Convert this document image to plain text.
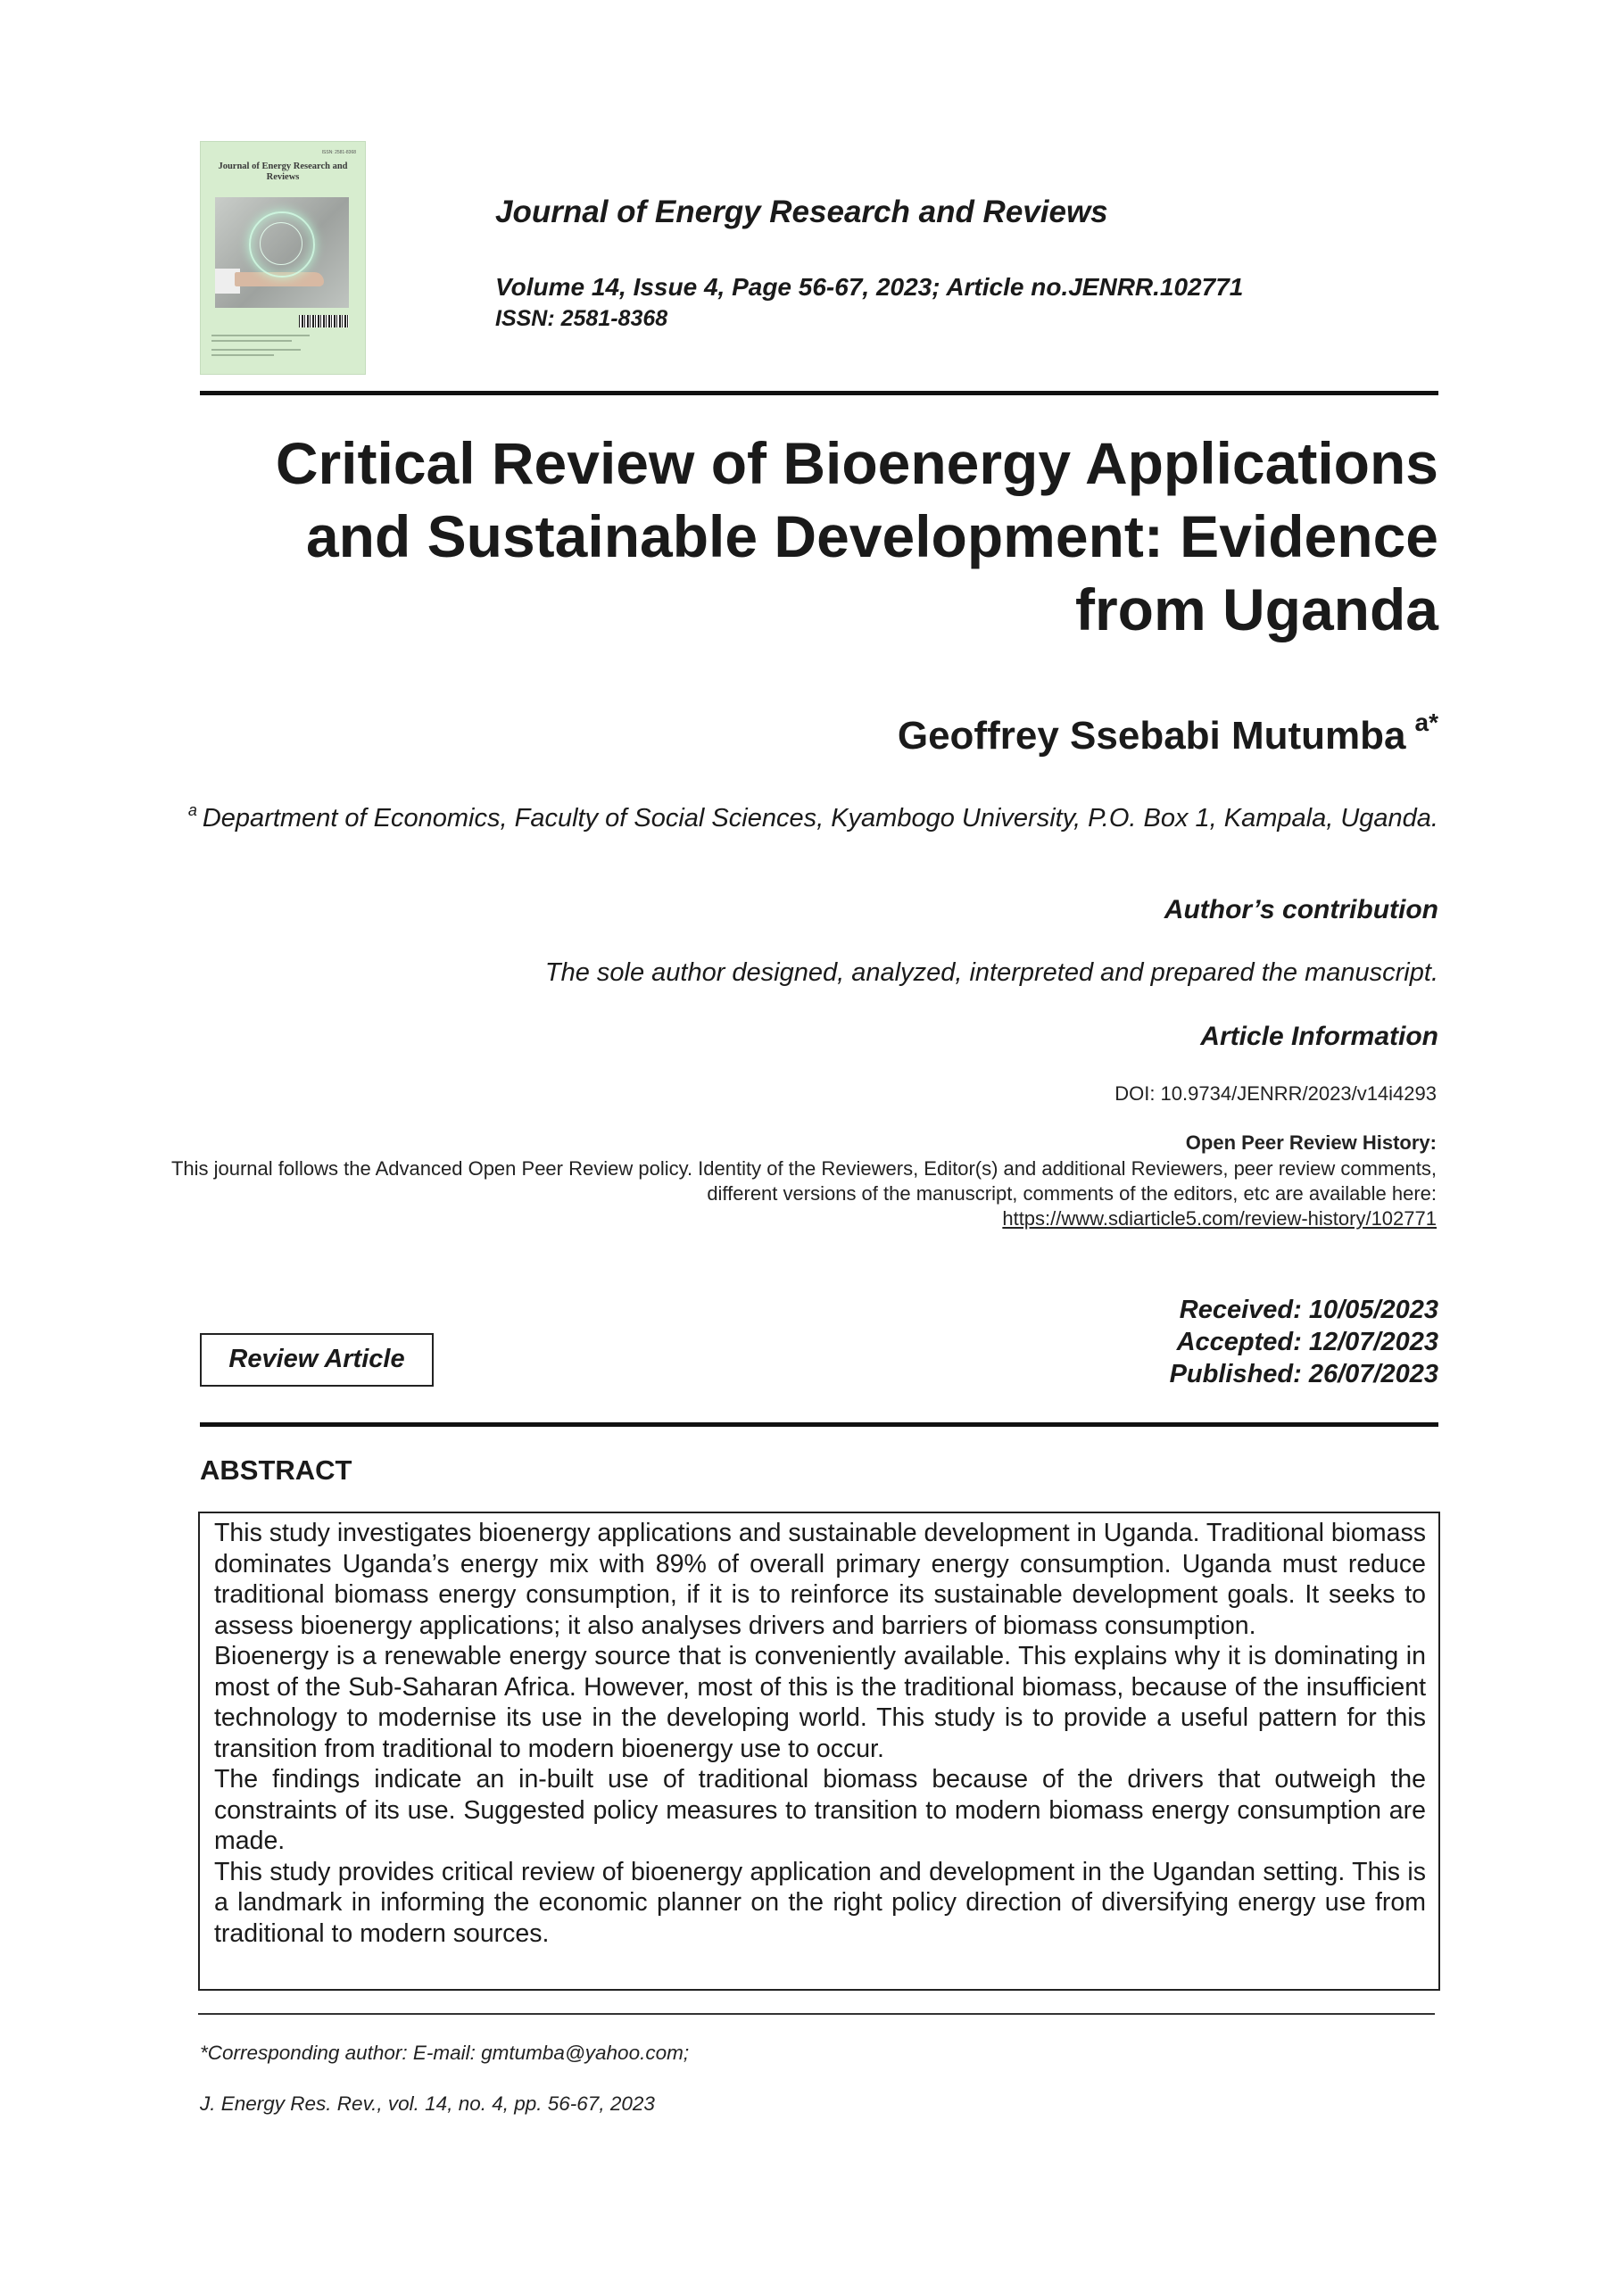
ISSN: 2581-8368
Journal of Energy Research and Reviews
Journal of Energy Research and Reviews
Volume 14, Issue 4, Page 56-67, 2023; Article no.JENRR.102771
ISSN: 2581-8368
Critical Review of Bioenergy Applications and Sustainable Development: Evidence from Uganda
Geoffrey Ssebabi Mutumba $^{a*}$
$^a$ Department of Economics, Faculty of Social Sciences, Kyambogo University, P.O. Box 1, Kampala, Uganda.
Author’s contribution
The sole author designed, analyzed, interpreted and prepared the manuscript.
Article Information
DOI: 10.9734/JENRR/2023/v14i4293
Open Peer Review History:
This journal follows the Advanced Open Peer Review policy. Identity of the Reviewers, Editor(s) and additional Reviewers, peer review comments, different versions of the manuscript, comments of the editors, etc are available here:
https://www.sdiarticle5.com/review-history/102771
Received: 10/05/2023
Accepted: 12/07/2023
Published: 26/07/2023
Review Article
ABSTRACT

This study investigates bioenergy applications and sustainable development in Uganda. Traditional biomass dominates Uganda’s energy mix with 89% of overall primary energy consumption. Uganda must reduce traditional biomass energy consumption, if it is to reinforce its sustainable development goals. It seeks to assess bioenergy applications; it also analyses drivers and barriers of biomass consumption.

Bioenergy is a renewable energy source that is conveniently available. This explains why it is dominating in most of the Sub-Saharan Africa. However, most of this is the traditional biomass, because of the insufficient technology to modernise its use in the developing world. This study is to provide a useful pattern for this transition from traditional to modern bioenergy use to occur.

The findings indicate an in-built use of traditional biomass because of the drivers that outweigh the constraints of its use. Suggested policy measures to transition to modern biomass energy consumption are made.

This study provides critical review of bioenergy application and development in the Ugandan setting. This is a landmark in informing the economic planner on the right policy direction of diversifying energy use from traditional to modern sources.

*Corresponding author: E-mail: gmtumba@yahoo.com;
J. Energy Res. Rev., vol. 14, no. 4, pp. 56-67, 2023
